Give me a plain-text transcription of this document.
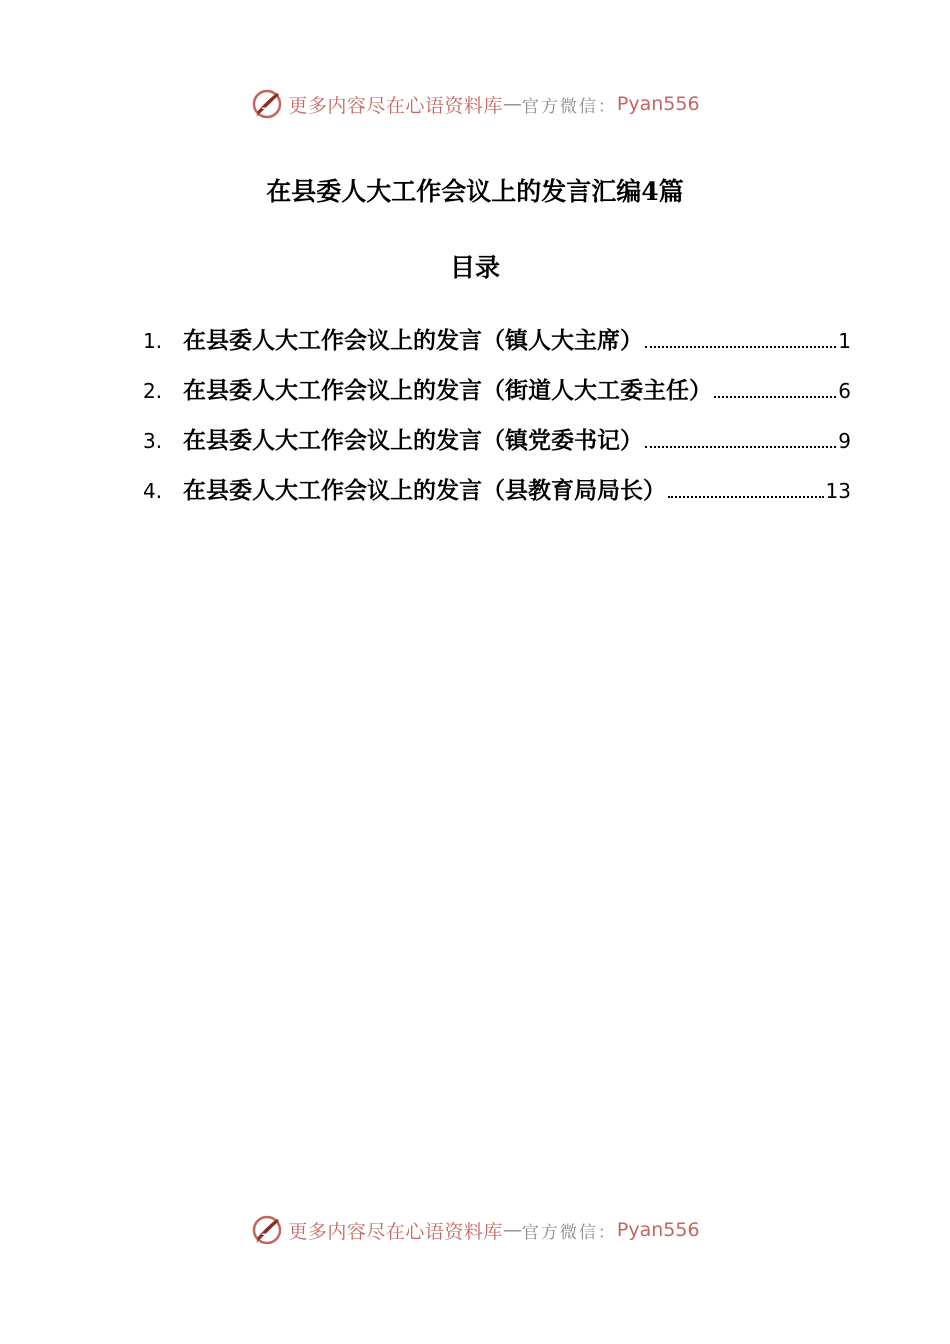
更多内容尽在心语资料库 — 官方微信： Pyan556
在县委人大工作会议上的发言汇编4篇
目录
1. 在县委人大工作会议上的发言（镇人大主席）	1
2. 在县委人大工作会议上的发言（街道人大工委主任）	6
3. 在县委人大工作会议上的发言（镇党委书记）	9
4. 在县委人大工作会议上的发言（县教育局局长）	13
更多内容尽在心语资料库 — 官方微信： Pyan556
